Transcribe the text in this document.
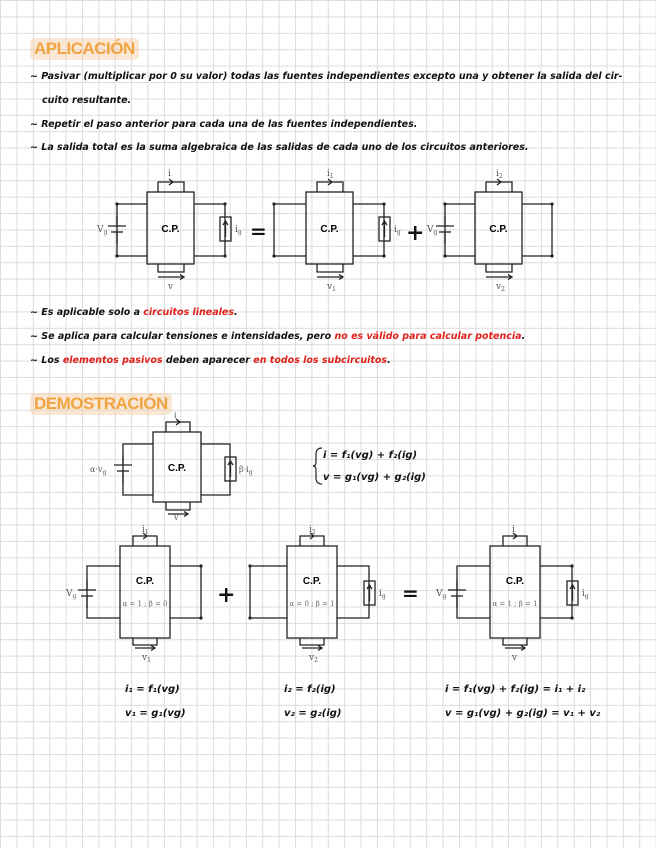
APLICACIÓN
~ Pasivar (multiplicar por 0 su valor) todas las fuentes independientes excepto una y obtener la salida del cir-
cuito resultante.
~ Repetir el paso anterior para cada una de las fuentes independientes.
~ La salida total es la suma algebraica de las salidas de cada uno de los circuitos anteriores.
C.P.	C.P.	C.P.
$V_g$	$V_g$
$i_g$	$i_g$
i	$i_1$	$i_2$
v	$v_1$	$v_2$
=	+
~ Es aplicable solo a circuitos lineales.
~ Se aplica para calcular tensiones e intensidades, pero no es válido para calcular potencia.
~ Los elementos pasivos deben aparecer en todos los subcircuitos.
DEMOSTRACIÓN
C.P.
$\alpha\cdot v_g$	$\beta\cdot i_g$
i
v
i = f₁(vg) + f₂(ig)
v = g₁(vg) + g₂(ig)
C.P.
α = 1 ; β = 0
C.P.
α = 0 ; β = 1
C.P.
α = 1 ; β = 1
$V_g$	$V_g$
$i_g$	$i_g$
$i_1$	$i_2$	i
$v_1$	$v_2$	v
+	=
i₁ = f₁(vg)
v₁ = g₁(vg)
i₂ = f₂(ig)
v₂ = g₂(ig)
i = f₁(vg) + f₂(ig) = i₁ + i₂
v = g₁(vg) + g₂(ig) = v₁ + v₂
